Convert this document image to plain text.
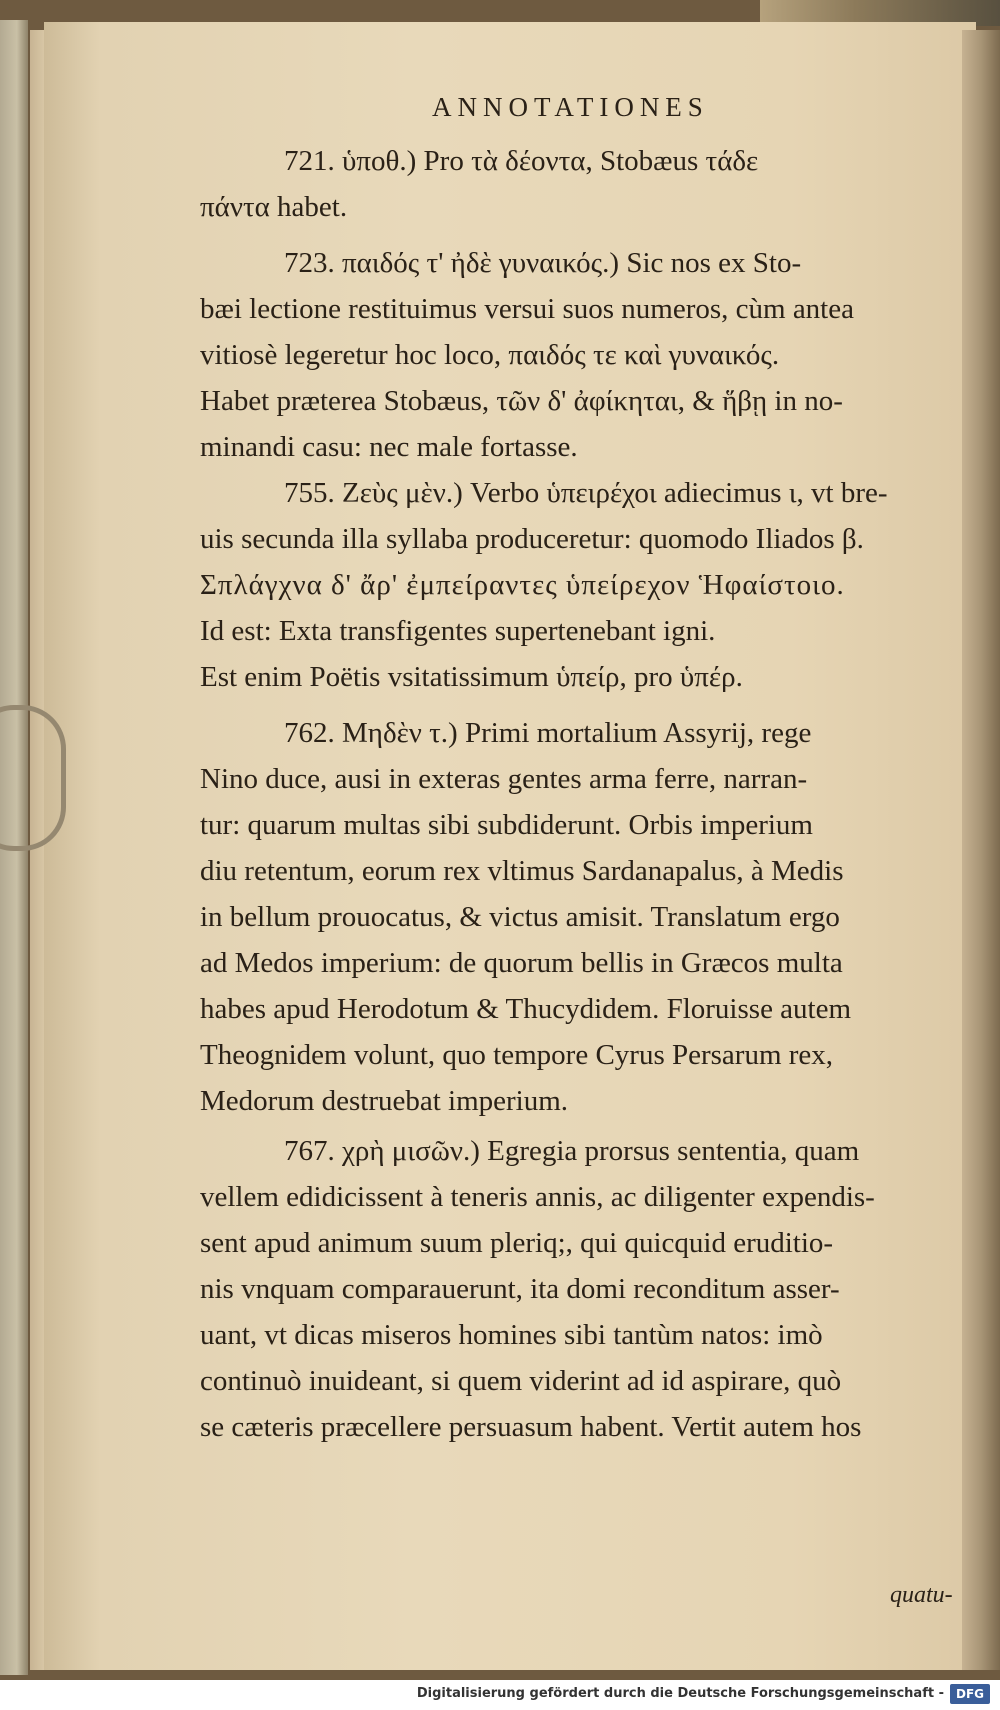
ANNOTATIONES
721. ὑποθ.) Pro τὰ δέοντα, Stobæus τάδε
πάντα habet.
723. παιδός τ' ἠδὲ γυναικός.) Sic nos ex Sto-
bæi lectione restituimus versui suos numeros, cùm antea
vitiosè legeretur hoc loco, παιδός τε καὶ γυναικός.
Habet præterea Stobæus, τῶν δ' ἀφίκηται, & ἥβῃ in no-
minandi casu: nec male fortasse.
755. Ζεὺς μὲν.) Verbo ὑπειρέχοι adiecimus ι, vt bre-
uis secunda illa syllaba produceretur: quomodo Iliados β.
Σπλάγχνα δ' ἄρ' ἐμπείραντες ὑπείρεχον Ἡφαίστοιο.
Id est: Exta transfigentes supertenebant igni.
Est enim Poëtis vsitatissimum ὑπείρ, pro ὑπέρ.
762. Μηδὲν τ.) Primi mortalium Assyrij, rege
Nino duce, ausi in exteras gentes arma ferre, narran-
tur: quarum multas sibi subdiderunt. Orbis imperium
diu retentum, eorum rex vltimus Sardanapalus, à Medis
in bellum prouocatus, & victus amisit. Translatum ergo
ad Medos imperium: de quorum bellis in Græcos multa
habes apud Herodotum & Thucydidem. Floruisse autem
Theognidem volunt, quo tempore Cyrus Persarum rex,
Medorum destruebat imperium.
767. χρὴ μισῶν.) Egregia prorsus sententia, quam
vellem edidicissent à teneris annis, ac diligenter expendis-
sent apud animum suum pleriq;, qui quicquid eruditio-
nis vnquam comparauerunt, ita domi reconditum asser-
uant, vt dicas miseros homines sibi tantùm natos: imò
continuò inuideant, si quem viderint ad id aspirare, quò
se cæteris præcellere persuasum habent. Vertit autem hos
quatu-
Digitalisierung gefördert durch die Deutsche Forschungsgemeinschaft - DFG
